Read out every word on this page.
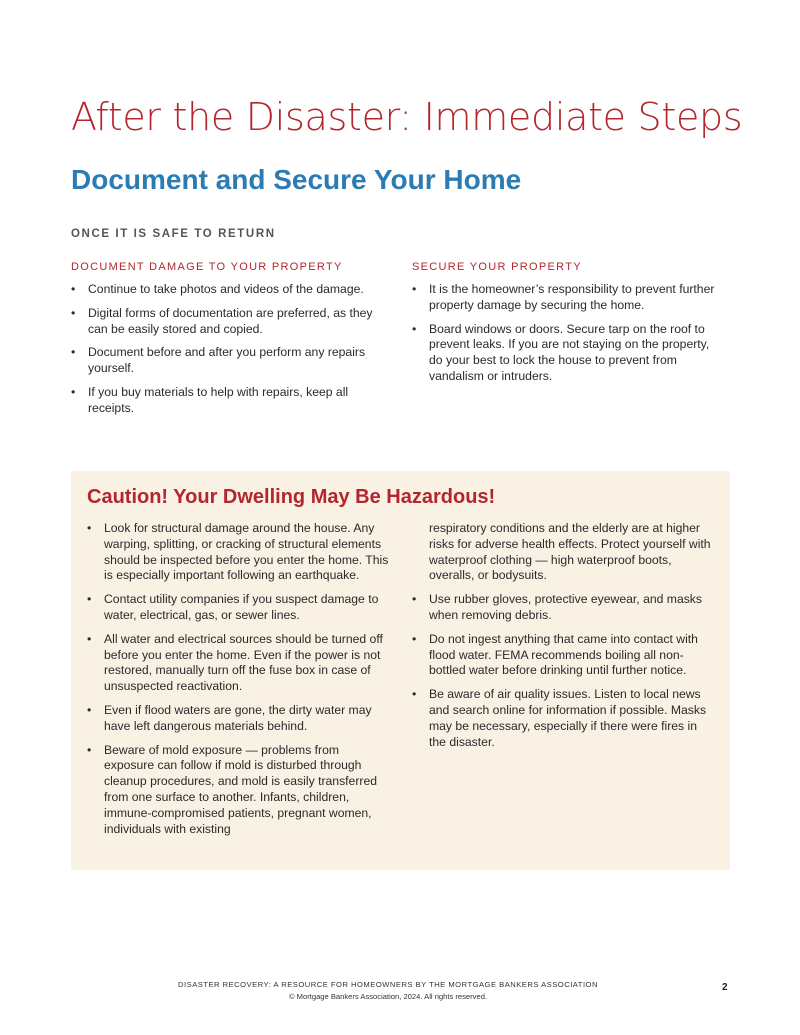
After the Disaster: Immediate Steps
Document and Secure Your Home
ONCE IT IS SAFE TO RETURN
DOCUMENT DAMAGE TO YOUR PROPERTY
• Continue to take photos and videos of the damage.
• Digital forms of documentation are preferred, as they can be easily stored and copied.
• Document before and after you perform any repairs yourself.
• If you buy materials to help with repairs, keep all receipts.
SECURE YOUR PROPERTY
• It is the homeowner’s responsibility to prevent further property damage by securing the home.
• Board windows or doors. Secure tarp on the roof to prevent leaks. If you are not staying on the property, do your best to lock the house to prevent from vandalism or intruders.
Caution! Your Dwelling May Be Hazardous!
• Look for structural damage around the house. Any warping, splitting, or cracking of structural elements should be inspected before you enter the home. This is especially important following an earthquake.
• Contact utility companies if you suspect damage to water, electrical, gas, or sewer lines.
• All water and electrical sources should be turned off before you enter the home. Even if the power is not restored, manually turn off the fuse box in case of unsuspected reactivation.
• Even if flood waters are gone, the dirty water may have left dangerous materials behind.
• Beware of mold exposure — problems from exposure can follow if mold is disturbed through cleanup procedures, and mold is easily transferred from one surface to another. Infants, children, immune-compromised patients, pregnant women, individuals with existing

respiratory conditions and the elderly are at higher risks for adverse health effects. Protect yourself with waterproof clothing — high waterproof boots, overalls, or bodysuits.

• Use rubber gloves, protective eyewear, and masks when removing debris.
• Do not ingest anything that came into contact with flood water. FEMA recommends boiling all non-bottled water before drinking until further notice.
• Be aware of air quality issues. Listen to local news and search online for information if possible. Masks may be necessary, especially if there were fires in the disaster.
DISASTER RECOVERY: A RESOURCE FOR HOMEOWNERS BY THE MORTGAGE BANKERS ASSOCIATION
© Mortgage Bankers Association, 2024. All rights reserved.
2
